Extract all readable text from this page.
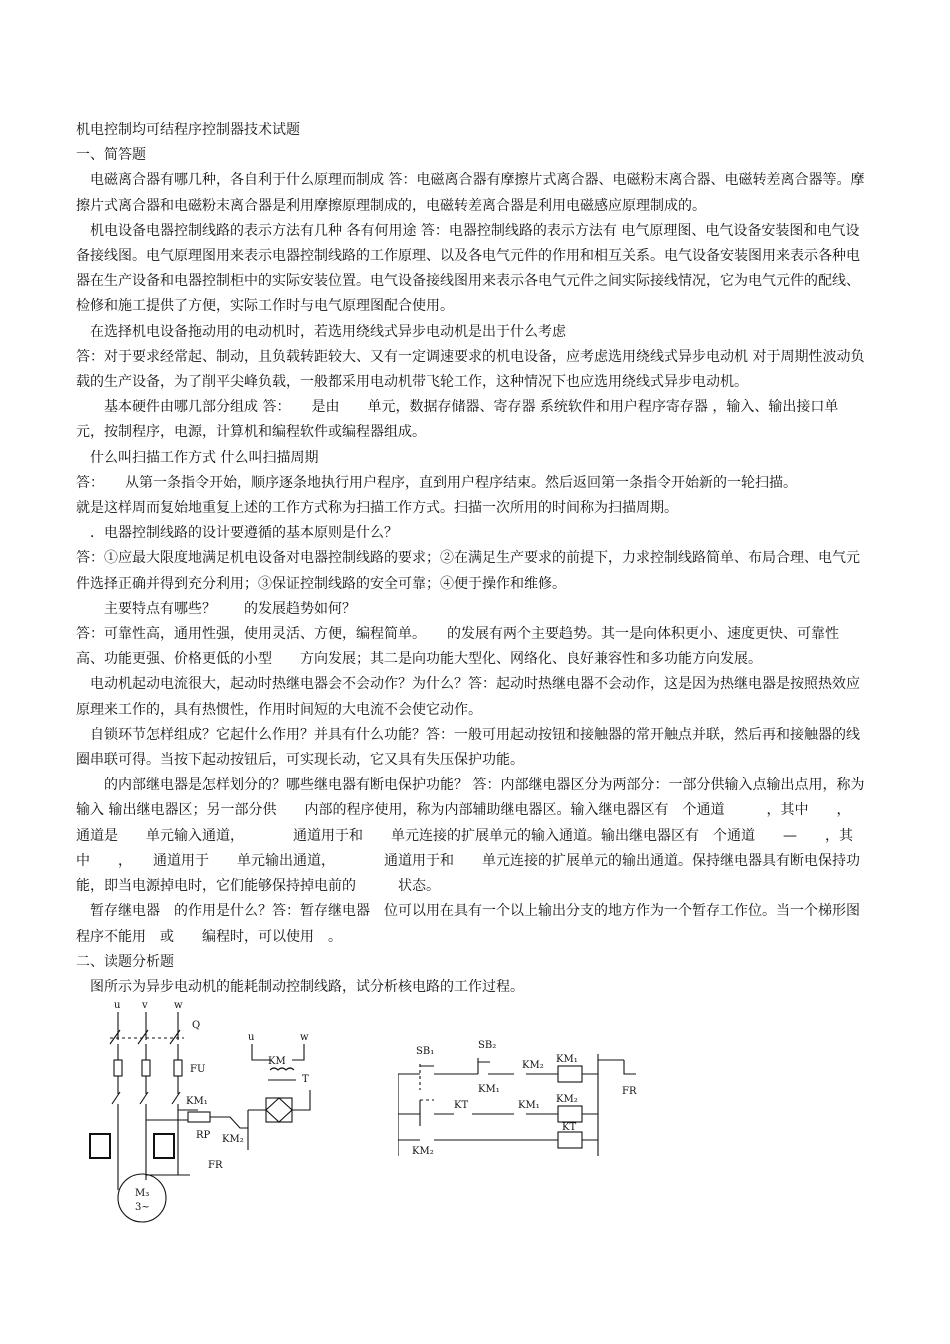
机电控制均可结程序控制器技术试题

一、简答题

电磁离合器有哪几种，各自利于什么原理而制成 答：电磁离合器有摩擦片式离合器、电磁粉末离合器、电磁转差离合器等。摩擦片式离合器和电磁粉末离合器是利用摩擦原理制成的，电磁转差离合器是利用电磁感应原理制成的。

机电设备电器控制线路的表示方法有几种 各有何用途 答：电器控制线路的表示方法有 电气原理图、电气设备安装图和电气设备接线图。电气原理图用来表示电器控制线路的工作原理、以及各电气元件的作用和相互关系。电气设备安装图用来表示各种电器在生产设备和电器控制柜中的实际安装位置。电气设备接线图用来表示各电气元件之间实际接线情况，它为电气元件的配线、检修和施工提供了方便，实际工作时与电气原理图配合使用。

在选择机电设备拖动用的电动机时，若选用绕线式异步电动机是出于什么考虑

答：对于要求经常起、制动，且负载转距较大、又有一定调速要求的机电设备，应考虑选用绕线式异步电动机 对于周期性波动负载的生产设备，为了削平尖峰负载，一般都采用电动机带飞轮工作，这种情况下也应选用绕线式异步电动机。

基本硬件由哪几部分组成 答：　　是由　　单元，数据存储器、寄存器 系统软件和用户程序寄存器 ，输入、输出接口单元，按制程序，电源，计算机和编程软件或编程器组成。

什么叫扫描工作方式 什么叫扫描周期

答：　　从第一条指令开始，顺序逐条地执行用户程序，直到用户程序结束。然后返回第一条指令开始新的一轮扫描。

就是这样周而复始地重复上述的工作方式称为扫描工作方式。扫描一次所用的时间称为扫描周期。

．电器控制线路的设计要遵循的基本原则是什么？

答：①应最大限度地满足机电设备对电器控制线路的要求；②在满足生产要求的前提下，力求控制线路简单、布局合理、电气元件选择正确并得到充分利用；③保证控制线路的安全可靠；④便于操作和维修。

主要特点有哪些？　　的发展趋势如何？

答：可靠性高，通用性强，使用灵活、方便，编程简单。　　的发展有两个主要趋势。其一是向体积更小、速度更快、可靠性高、功能更强、价格更低的小型　　方向发展；其二是向功能大型化、网络化、良好兼容性和多功能方向发展。

电动机起动电流很大，起动时热继电器会不会动作？为什么？答：起动时热继电器不会动作，这是因为热继电器是按照热效应原理来工作的，具有热惯性，作用时间短的大电流不会使它动作。

自锁环节怎样组成？它起什么作用？并具有什么功能？答：一般可用起动按钮和接触器的常开触点并联，然后再和接触器的线圈串联可得。当按下起动按钮后，可实现长动，它又具有失压保护功能。

的内部继电器是怎样划分的？哪些继电器有断电保护功能？ 答：内部继电器区分为两部分：一部分供输入点输出点用，称为输入 输出继电器区；另一部分供　　内部的程序使用，称为内部辅助继电器区。输入继电器区有　个通道　　　，其中　　，　　通道是　　单元输入通道，　　　　通道用于和　　单元连接的扩展单元的输入通道。输出继电器区有　个通道　　—　　，其中　　，　　通道用于　　单元输出通道，　　　　通道用于和　　单元连接的扩展单元的输出通道。保持继电器具有断电保持功能，即当电源掉电时，它们能够保持掉电前的　　　状态。

暂存继电器　的作用是什么？答：暂存继电器　位可以用在具有一个以上输出分支的地方作为一个暂存工作位。当一个梯形图程序不能用　或　　编程时，可以使用　。

二、读题分析题

图所示为异步电动机的能耗制动控制线路，试分析核电路的工作过程。

u v	w
Q
FU
KM₁
RP KM₂
FR
M₃
3~
u	w
KM
T
SB₁
SB₂
KM₁
KM₂
KM₁
FR
KT	KM₁
KM₂
KM₂
KT
